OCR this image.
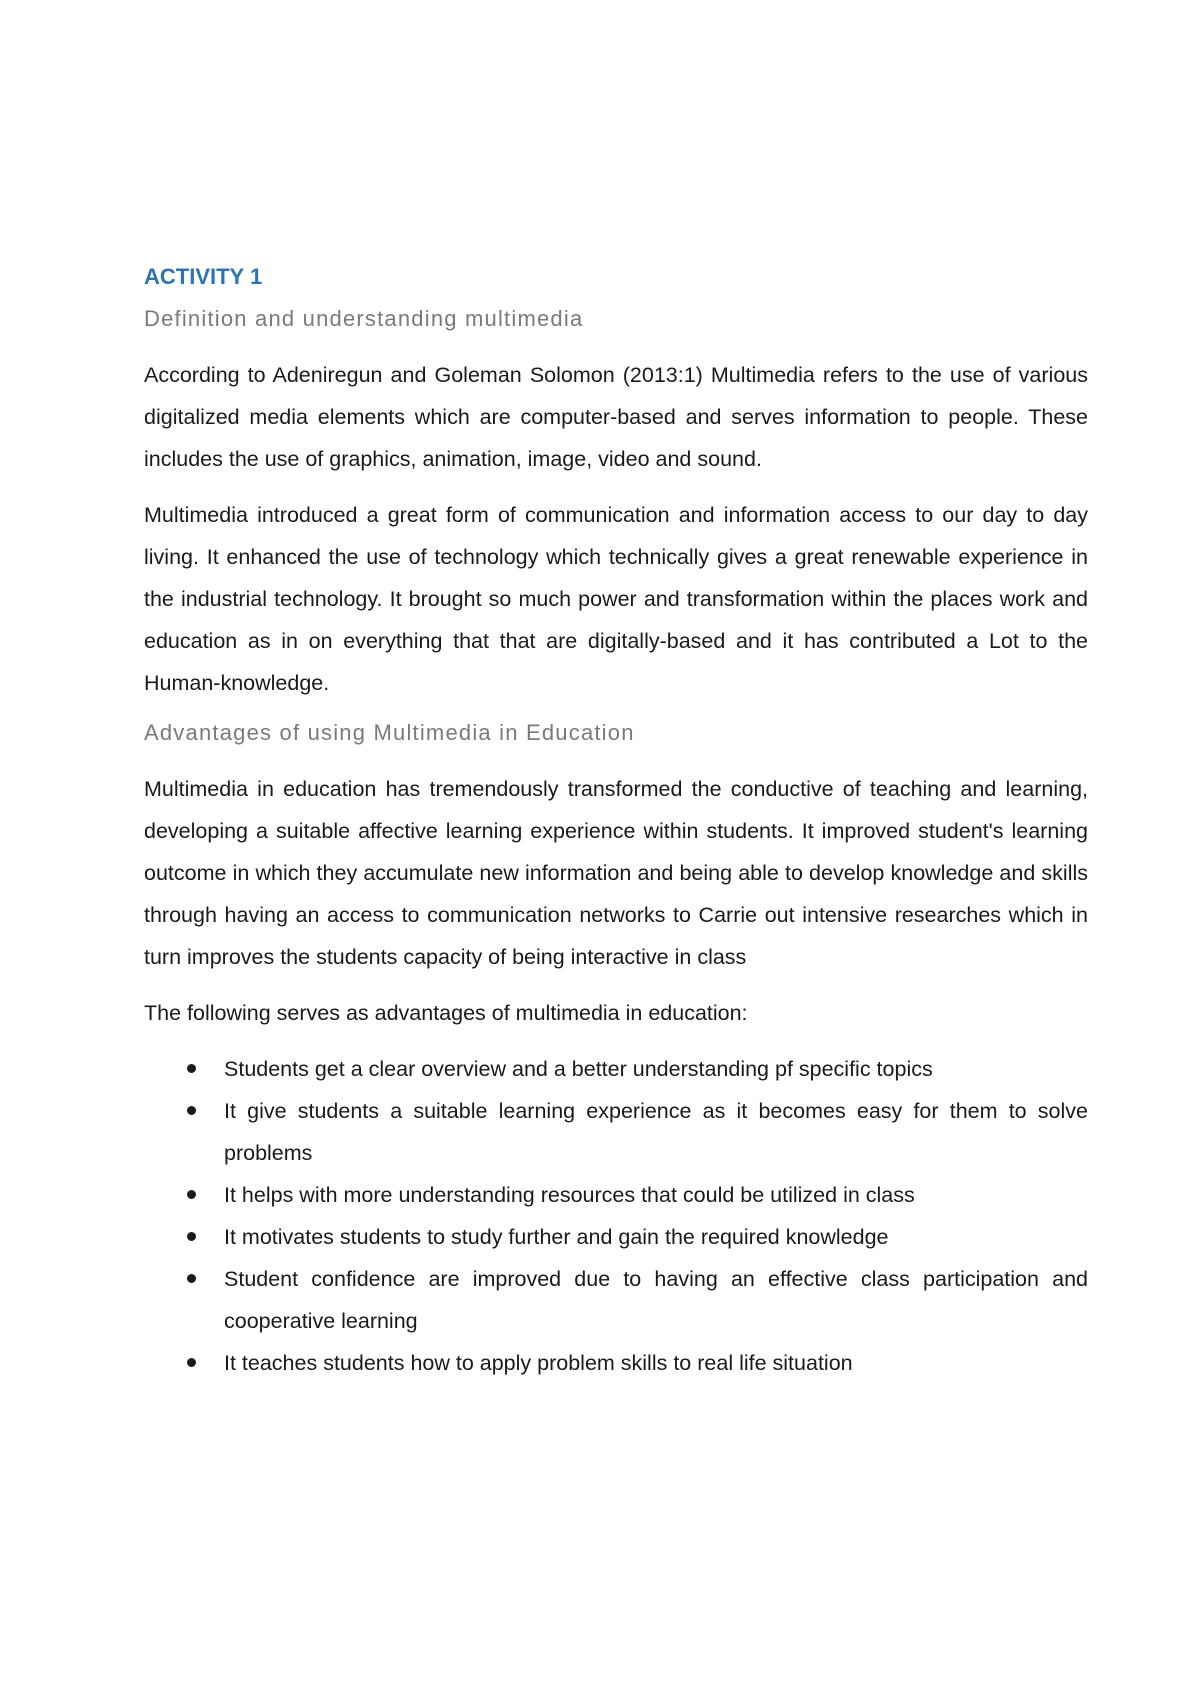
ACTIVITY 1
Definition and understanding multimedia

According to Adeniregun and Goleman Solomon (2013:1) Multimedia refers to the use of various digitalized media elements which are computer-based and serves information to people. These includes the use of graphics, animation, image, video and sound.

Multimedia introduced a great form of communication and information access to our day to day living. It enhanced the use of technology which technically gives a great renewable experience in the industrial technology. It brought so much power and transformation within the places work and education as in on everything that that are digitally-based and it has contributed a Lot to the Human-knowledge.

Advantages of using Multimedia in Education

Multimedia in education has tremendously transformed the conductive of teaching and learning, developing a suitable affective learning experience within students. It improved student's learning outcome in which they accumulate new information and being able to develop knowledge and skills through having an access to communication networks to Carrie out intensive researches which in turn improves the students capacity of being interactive in class

The following serves as advantages of multimedia in education:

Students get a clear overview and a better understanding pf specific topics
It give students a suitable learning experience as it becomes easy for them to solve problems
It helps with more understanding resources that could be utilized in class
It motivates students to study further and gain the required knowledge
Student confidence are improved due to having an effective class participation and cooperative learning
It teaches students how to apply problem skills to real life situation
